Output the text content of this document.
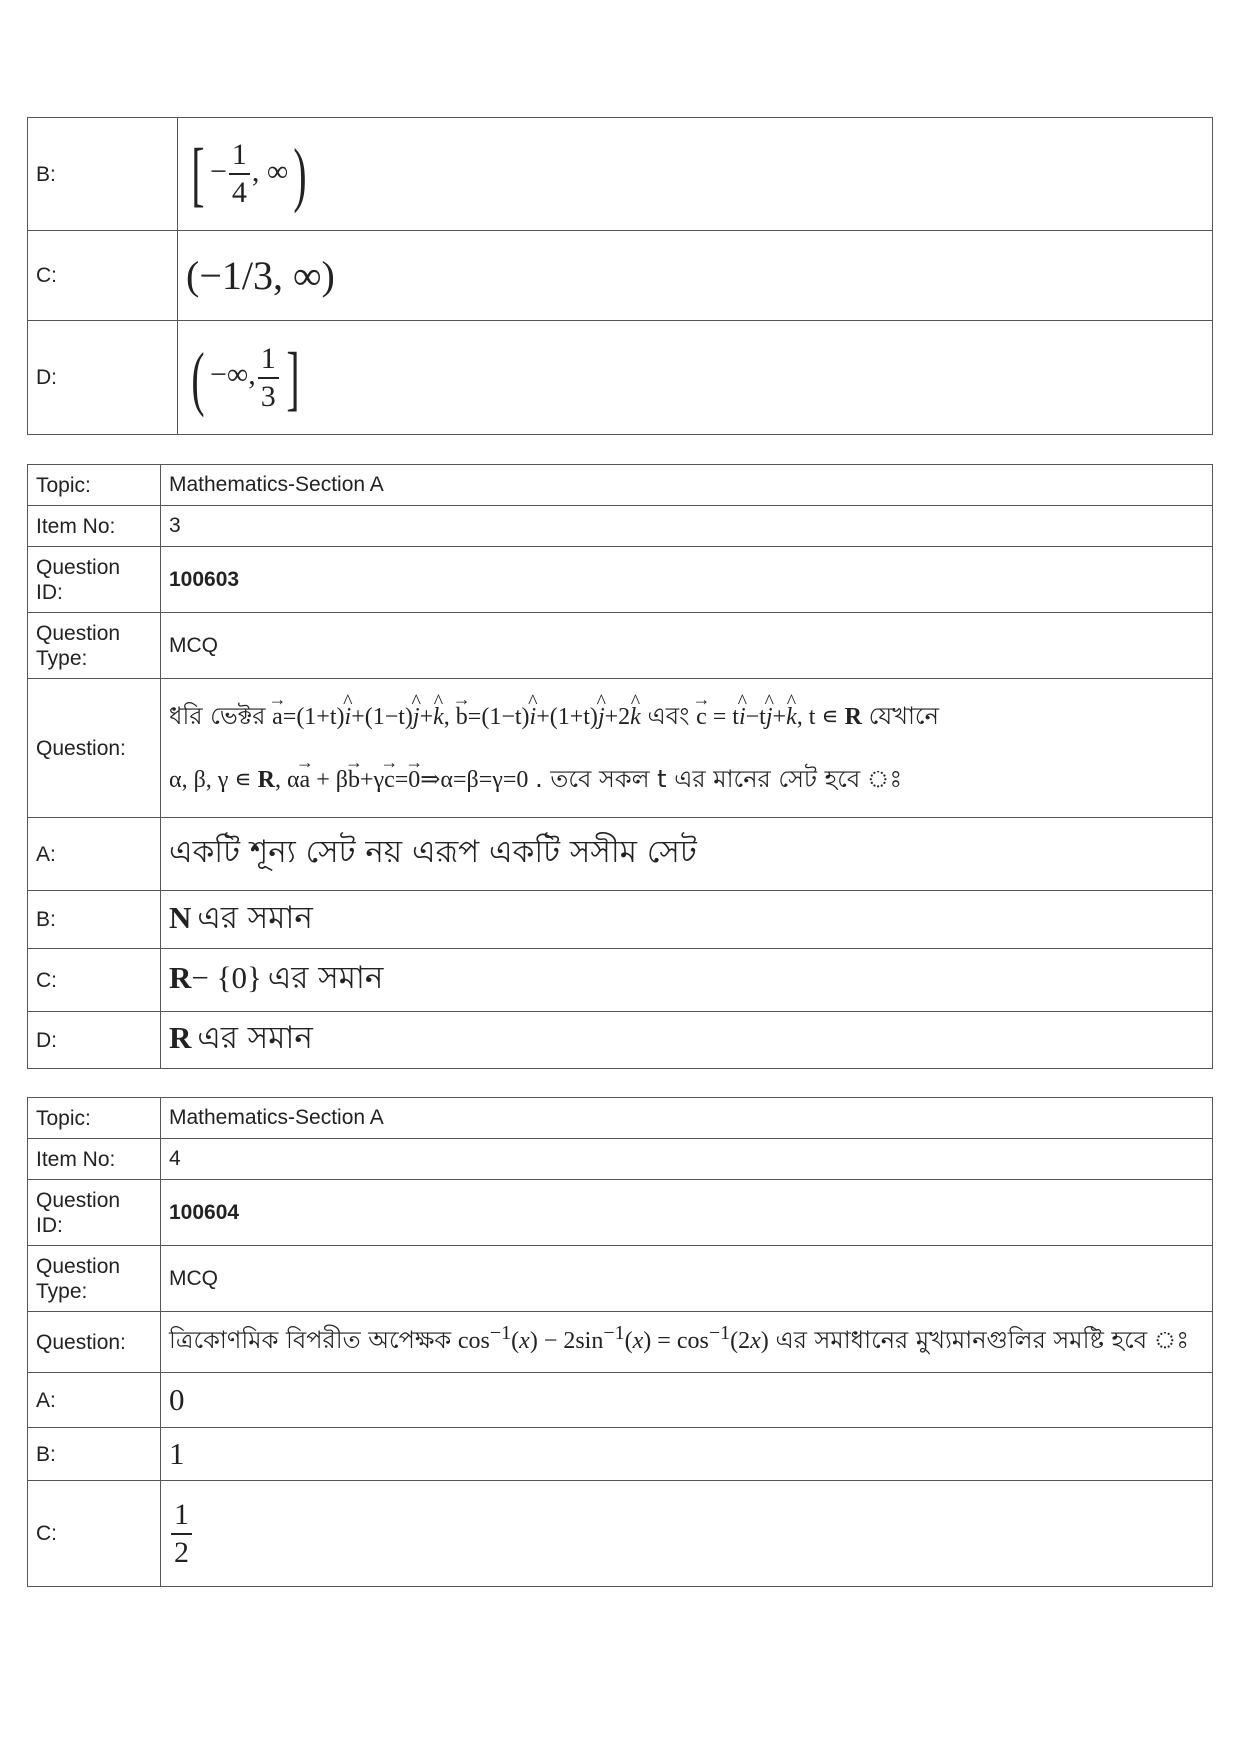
B:	[ − $\frac{1}{4}$ , ∞)
C:	(−1/3, ∞)
D:	( −∞, $\frac{1}{3}$ ]
Topic:	Mathematics-Section A
Item No:	3
Question ID:	100603
Question Type:	MCQ
Question:	ধরি ভেক্টর → a=(1+t)^ i+(1−t)^ j+^ k, → b=(1−t)^ i+(1+t)^ j+2^ k এবং → c = t^ i−t^ j+^ k, t ∊ R যেখানে
α, β, γ ∊ R, α→ a + β→ b+γ→ c=→ 0⇒α=β=γ=0 . তবে সকল t এর মানের সেট হবে ঃ

A:	একটি শূন্য সেট নয় এরূপ একটি সসীম সেট
B:	N এর সমান
C:	R− {0} এর সমান
D:	R এর সমান
Topic:	Mathematics-Section A
Item No:	4
Question ID:	100604
Question Type:	MCQ
Question:	ত্রিকোণমিক বিপরীত অপেক্ষক $\cos^{-1}(x) - 2\sin^{-1}(x) = \cos^{-1}(2x)$ এর সমাধানের মুখ্যমানগুলির সমষ্টি হবে ঃ

A:	0
B:	1
C:	$\frac{1}{2}$
